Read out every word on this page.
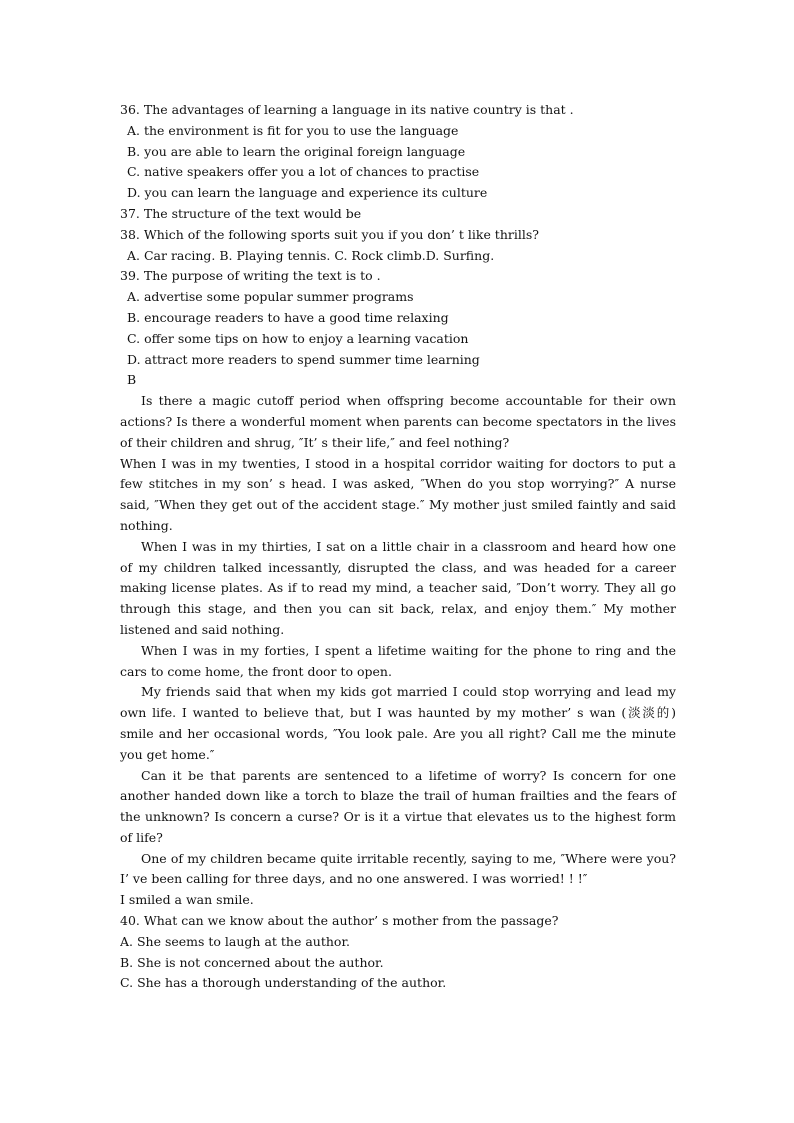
36. The advantages of learning a language in its native country is that .
A. the environment is fit for you to use the language
B. you are able to learn the original foreign language
C. native speakers offer you a lot of chances to practise
D. you can learn the language and experience its culture
37. The structure of the text would be
38. Which of the following sports suit you if you don’ t like thrills?
A. Car racing. B. Playing tennis. C. Rock climb.D. Surfing.
39. The purpose of writing the text is to .
A. advertise some popular summer programs
B. encourage readers to have a good time relaxing
C. offer some tips on how to enjoy a learning vacation
D. attract more readers to spend summer time learning
B
Is there a magic cutoff period when offspring become accountable for their own actions? Is there a wonderful moment when parents can become spectators in the lives of their children and shrug, ″It’ s their life,″ and feel nothing?
When I was in my twenties, I stood in a hospital corridor waiting for doctors to put a few stitches in my son’ s head. I was asked, ″When do you stop worrying?″ A nurse said, ″When they get out of the accident stage.″ My mother just smiled faintly and said nothing.
When I was in my thirties, I sat on a little chair in a classroom and heard how one of my children talked incessantly, disrupted the class, and was headed for a career making license plates. As if to read my mind, a teacher said, ″Don’t worry. They all go through this stage, and then you can sit back, relax, and enjoy them.″ My mother listened and said nothing.
When I was in my forties, I spent a lifetime waiting for the phone to ring and the cars to come home, the front door to open.
My friends said that when my kids got married I could stop worrying and lead my own life. I wanted to believe that, but I was haunted by my mother’ s wan (淡淡的) smile and her occasional words, ″You look pale. Are you all right? Call me the minute you get home.″
Can it be that parents are sentenced to a lifetime of worry? Is concern for one another handed down like a torch to blaze the trail of human frailties and the fears of the unknown? Is concern a curse? Or is it a virtue that elevates us to the highest form of life?
One of my children became quite irritable recently, saying to me, ″Where were you? I’ ve been calling for three days, and no one answered. I was worried! ! !″
I smiled a wan smile.
40. What can we know about the author’ s mother from the passage?
A. She seems to laugh at the author.
B. She is not concerned about the author.
C. She has a thorough understanding of the author.
